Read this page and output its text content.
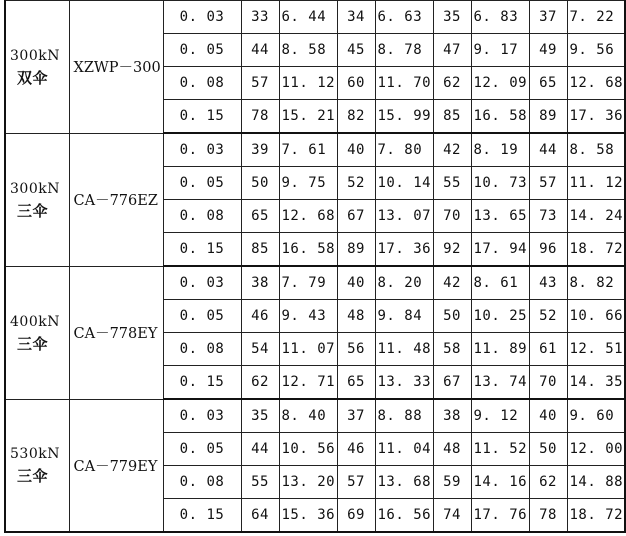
300kN
双伞	XZWP－300	0. 03	33	6. 44	34	6. 63	35	6. 83	37	7. 22
		0. 05	44	8. 58	45	8. 78	47	9. 17	49	9. 56
		0. 08	57	11. 12	60	11. 70	62	12. 09	65	12. 68
		0. 15	78	15. 21	82	15. 99	85	16. 58	89	17. 36

300kN
三伞	CA－776EZ	0. 03	39	7. 61	40	7. 80	42	8. 19	44	8. 58
		0. 05	50	9. 75	52	10. 14	55	10. 73	57	11. 12
		0. 08	65	12. 68	67	13. 07	70	13. 65	73	14. 24
		0. 15	85	16. 58	89	17. 36	92	17. 94	96	18. 72

400kN
三伞	CA－778EY	0. 03	38	7. 79	40	8. 20	42	8. 61	43	8. 82
		0. 05	46	9. 43	48	9. 84	50	10. 25	52	10. 66
		0. 08	54	11. 07	56	11. 48	58	11. 89	61	12. 51
		0. 15	62	12. 71	65	13. 33	67	13. 74	70	14. 35

530kN
三伞	CA－779EY	0. 03	35	8. 40	37	8. 88	38	9. 12	40	9. 60
		0. 05	44	10. 56	46	11. 04	48	11. 52	50	12. 00
		0. 08	55	13. 20	57	13. 68	59	14. 16	62	14. 88
		0. 15	64	15. 36	69	16. 56	74	17. 76	78	18. 72
